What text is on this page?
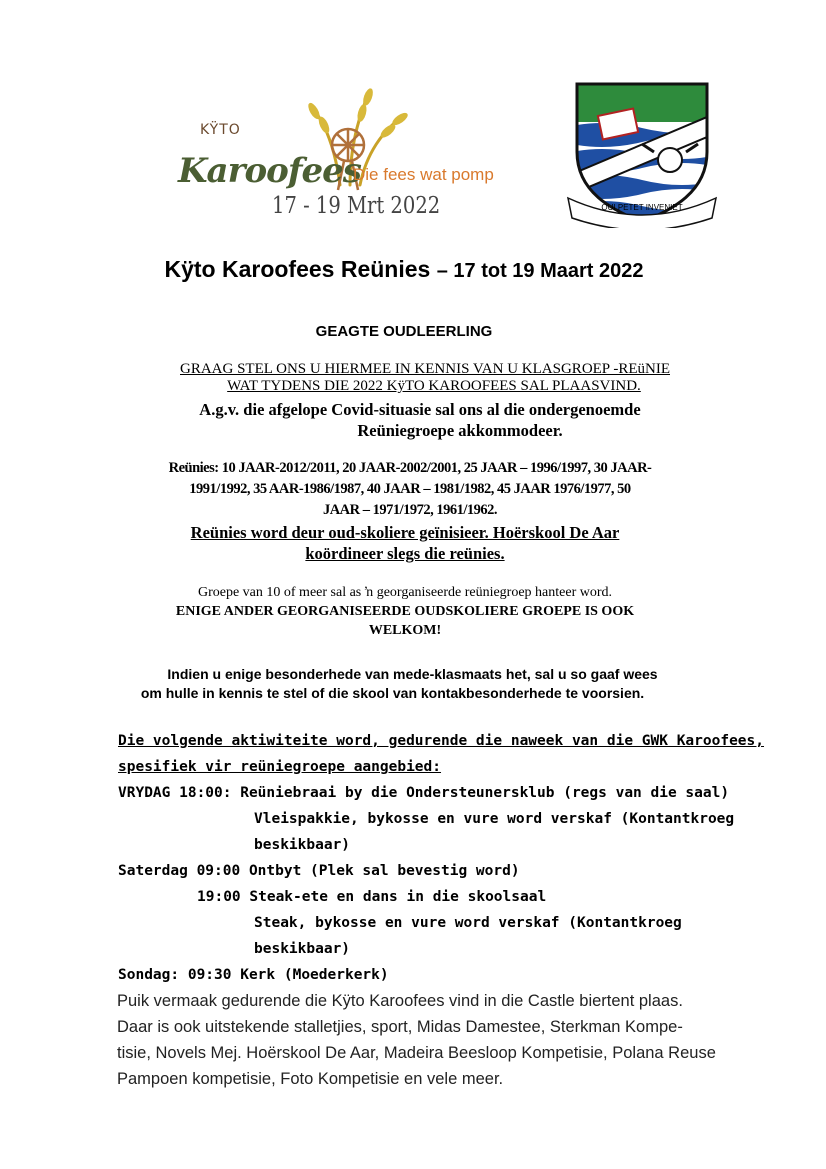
KŸTO
Karoofees
Die fees wat pomp
17 - 19 Mrt 2022	QUI PETET INVENIET
Kÿto Karoofees Reünies – 17 tot 19 Maart 2022
GEAGTE OUDLEERLING
GRAAG STEL ONS U HIERMEE IN KENNIS VAN U KLASGROEP -REüNIE
WAT TYDENS DIE 2022 KÿTO KAROOFEES SAL PLAASVIND.
A.g.v. die afgelope Covid-situasie sal ons al die ondergenoemde
Reüniegroepe akkommodeer.
Reünies: 10 JAAR-2012/2011, 20 JAAR-2002/2001, 25 JAAR – 1996/1997, 30 JAAR-
1991/1992, 35 AAR-1986/1987, 40 JAAR – 1981/1982, 45 JAAR 1976/1977, 50
JAAR – 1971/1972, 1961/1962.
Reünies word deur oud-skoliere geïnisieer. Hoërskool De Aar
koördineer slegs die reünies.
Groepe van 10 of meer sal as ŉ georganiseerde reüniegroep hanteer word.
ENIGE ANDER GEORGANISEERDE OUDSKOLIERE GROEPE IS OOK
WELKOM!
Indien u enige besonderhede van mede-klasmaats het, sal u so gaaf wees
om hulle in kennis te stel of die skool van kontakbesonderhede te voorsien.
Die volgende aktiwiteite word, gedurende die naweek van die GWK Karoofees,
spesifiek vir reüniegroepe aangebied:
VRYDAG 18:00: Reüniebraai by die Ondersteunersklub (regs van die saal)
Vleispakkie, bykosse en vure word verskaf (Kontantkroeg
beskikbaar)
Saterdag 09:00 Ontbyt (Plek sal bevestig word)
19:00 Steak-ete en dans in die skoolsaal
Steak, bykosse en vure word verskaf (Kontantkroeg
beskikbaar)
Sondag: 09:30 Kerk (Moederkerk)
Puik vermaak gedurende die Kÿto Karoofees vind in die Castle biertent plaas.
Daar is ook uitstekende stalletjies, sport, Midas Damestee, Sterkman Kompe-
tisie, Novels Mej. Hoërskool De Aar, Madeira Beesloop Kompetisie, Polana Reuse
Pampoen kompetisie, Foto Kompetisie en vele meer.
